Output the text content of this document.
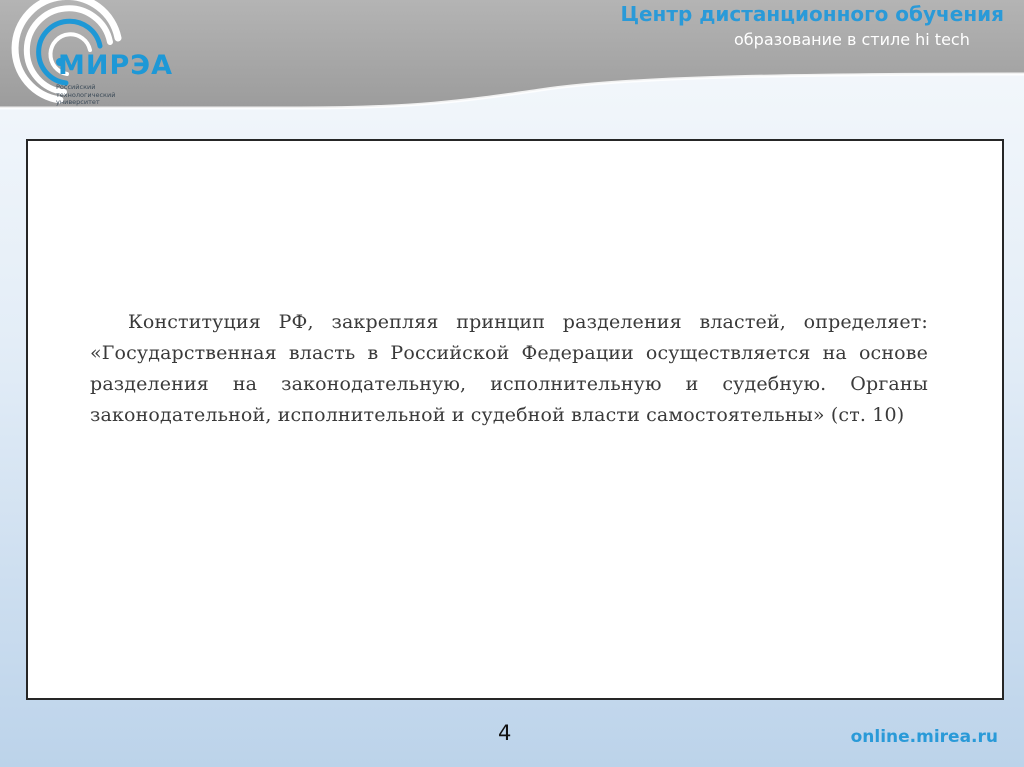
МИРЭА
Российский технологический университет
Центр дистанционного обучения
образование в стиле hi tech

Конституция РФ, закрепляя принцип разделения властей, определяет: «Государственная власть в Российской Федерации осуществляется на основе разделения на законодательную, исполнительную и судебную. Органы законодательной, исполнительной и судебной власти самостоятельны» (ст. 10)

4	online.mirea.ru
